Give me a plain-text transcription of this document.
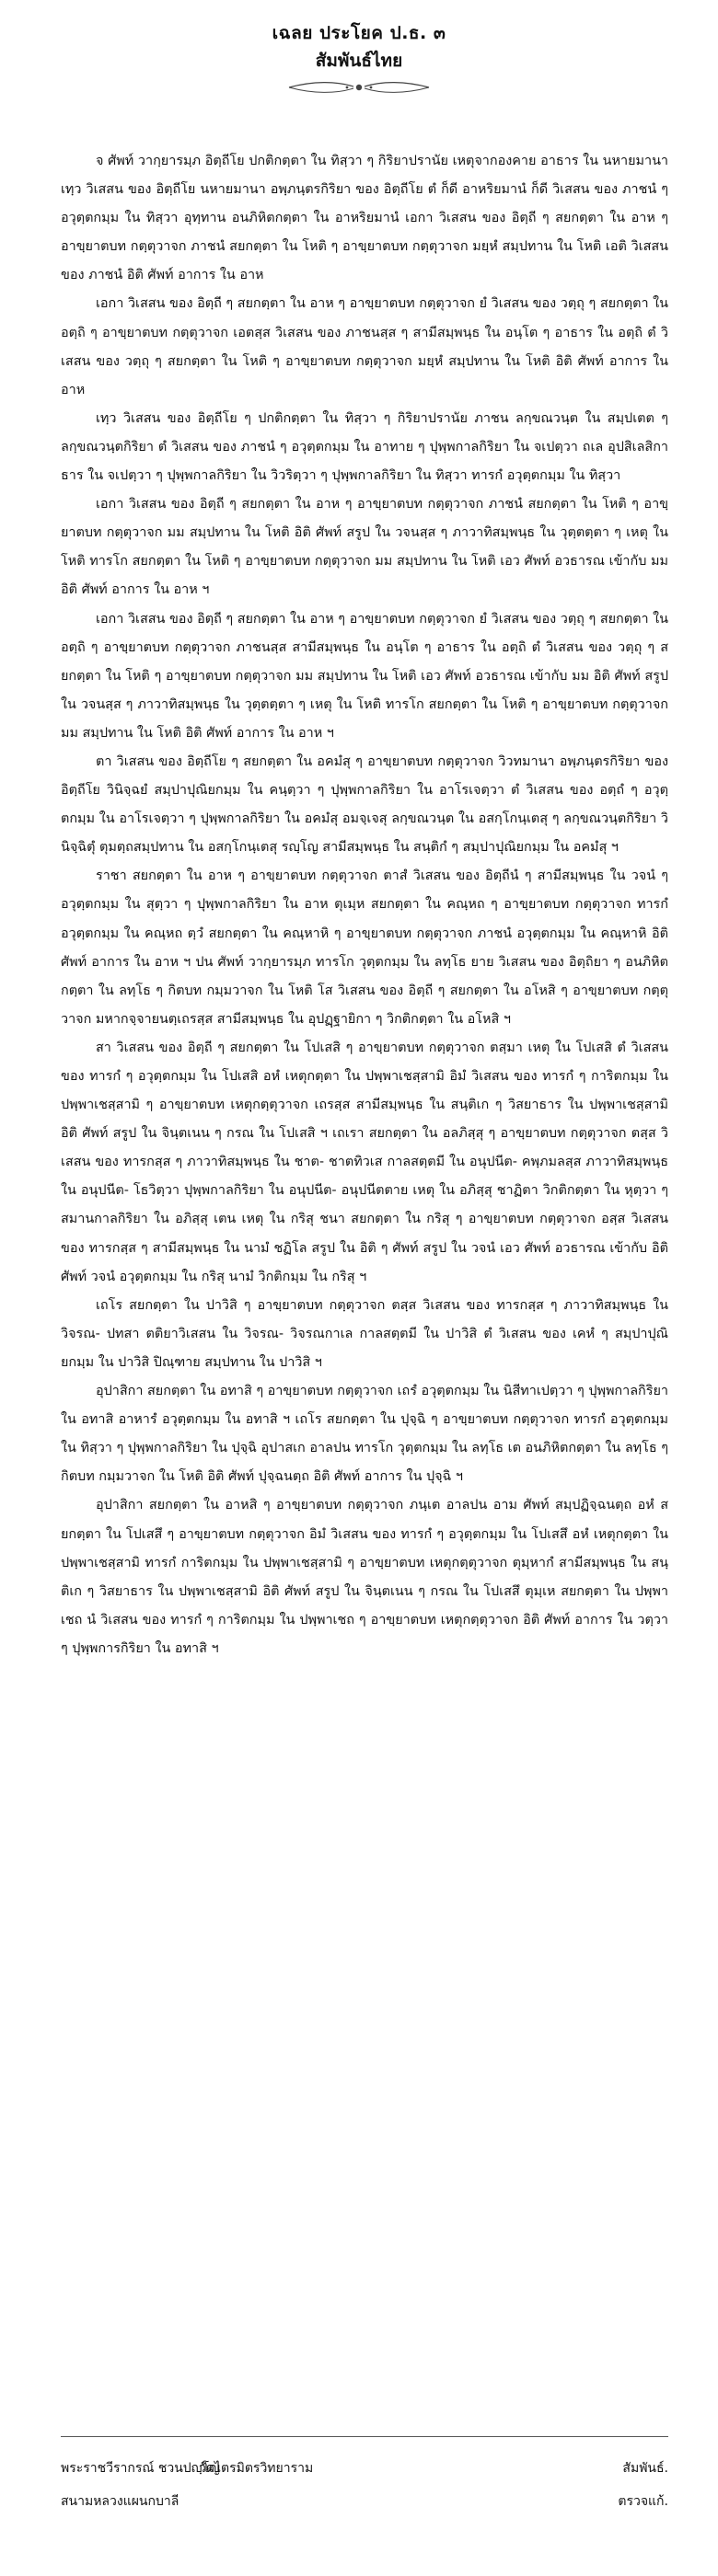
เฉลย ประโยค ป.ธ. ๓
สัมพันธ์ไทย

จ ศัพท์ วากฺยารมฺภ อิตฺถีโย ปกติกตฺตา ใน ทิสฺวา ๆ กิริยาปรานัย เหตุจากองคาย อาธาร ใน นหายมานา เทฺว วิเสสน ของ อิตฺถีโย นหายมานา อพฺภนฺตรกิริยา ของ อิตฺถีโย ตํ ก็ดี อาหริยมานํ ก็ดี วิเสสน ของ ภาชนํ ๆ อวุตฺตกมฺม ใน ทิสฺวา อุทฺทาน อนภิหิตกตฺตา ใน อาหริยมานํ เอกา วิเสสน ของ อิตฺถี ๆ สยกตฺตา ใน อาห ๆ อาขฺยาตบท กตฺตุวาจก ภาชนํ สยกตฺตา ใน โหติ ๆ อาขฺยาตบท กตฺตุวาจก มยฺหํ สมฺปทาน ใน โหติ เอติ วิเสสน ของ ภาชนํ อิติ ศัพท์ อาการ ใน อาห

เอกา วิเสสน ของ อิตฺถี ๆ สยกตฺตา ใน อาห ๆ อาขฺยาตบท กตฺตุวาจก ยํ วิเสสน ของ วตฺถุ ๆ สยกตฺตา ใน อตฺถิ ๆ อาขฺยาตบท กตฺตุวาจก เอตสฺส วิเสสน ของ ภาชนสฺส ๆ สามีสมฺพนฺธ ใน อนฺโต ๆ อาธาร ใน อตฺถิ ตํ วิเสสน ของ วตฺถุ ๆ สยกตฺตา ใน โหติ ๆ อาขฺยาตบท กตฺตุวาจก มยฺหํ สมฺปทาน ใน โหติ อิติ ศัพท์ อาการ ใน อาห

เทฺว วิเสสน ของ อิตฺถีโย ๆ ปกติกตฺตา ใน ทิสฺวา ๆ กิริยาปรานัย ภาชน ลกฺขณวนฺต ใน สมฺปเตต ๆ ลกฺขณวนฺตกิริยา ตํ วิเสสน ของ ภาชนํ ๆ อวุตฺตกมฺม ใน อาทาย ๆ ปุพฺพกาลกิริยา ใน จเปตฺวา ถเล อุปสิเลสิกาธาร ใน จเปตฺวา ๆ ปุพฺพกาลกิริยา ใน วิวริตฺวา ๆ ปุพฺพกาลกิริยา ใน ทิสฺวา ทารกํ อวุตฺตกมฺม ใน ทิสฺวา

เอกา วิเสสน ของ อิตฺถี ๆ สยกตฺตา ใน อาห ๆ อาขฺยาตบท กตฺตุวาจก ภาชนํ สยกตฺตา ใน โหติ ๆ อาขฺยาตบท กตฺตุวาจก มม สมฺปทาน ใน โหติ อิติ ศัพท์ สรูป ใน วจนสฺส ๆ ภาวาทิสมฺพนฺธ ใน วุตฺตตฺตา ๆ เหตุ ใน โหติ ทารโก สยกตฺตา ใน โหติ ๆ อาขฺยาตบท กตฺตุวาจก มม สมฺปทาน ใน โหติ เอว ศัพท์ อวธารณ เข้ากับ มม อิติ ศัพท์ อาการ ใน อาห ฯ

เอกา วิเสสน ของ อิตฺถี ๆ สยกตฺตา ใน อาห ๆ อาขฺยาตบท กตฺตุวาจก ยํ วิเสสน ของ วตฺถุ ๆ สยกตฺตา ใน อตฺถิ ๆ อาขฺยาตบท กตฺตุวาจก ภาชนสฺส สามีสมฺพนฺธ ใน อนฺโต ๆ อาธาร ใน อตฺถิ ตํ วิเสสน ของ วตฺถุ ๆ สยกตฺตา ใน โหติ ๆ อาขฺยาตบท กตฺตุวาจก มม สมฺปทาน ใน โหติ เอว ศัพท์ อวธารณ เข้ากับ มม อิติ ศัพท์ สรูป ใน วจนสฺส ๆ ภาวาทิสมฺพนฺธ ใน วุตฺตตฺตา ๆ เหตุ ใน โหติ ทารโก สยกตฺตา ใน โหติ ๆ อาขฺยาตบท กตฺตุวาจก มม สมฺปทาน ใน โหติ อิติ ศัพท์ อาการ ใน อาห ฯ

ตา วิเสสน ของ อิตฺถีโย ๆ สยกตฺตา ใน อคมํสุ ๆ อาขฺยาตบท กตฺตุวาจก วิวทมานา อพฺภนฺตรกิริยา ของ อิตฺถีโย วินิจฺฉยํ สมฺปาปุณิยกมฺม ใน คนฺตฺวา ๆ ปุพฺพกาลกิริยา ใน อาโรเจตฺวา ตํ วิเสสน ของ อตฺถํ ๆ อวุตฺตกมฺม ใน อาโรเจตฺวา ๆ ปุพฺพกาลกิริยา ใน อคมํสุ อมจฺเจสุ ลกฺขณวนฺต ใน อสกฺโกนฺเตสุ ๆ ลกฺขณวนฺตกิริยา วินิจฺฉิตุํ ตุมตฺถสมฺปทาน ใน อสกฺโกนฺเตสุ รญฺโญ สามีสมฺพนฺธ ใน สนฺติกํ ๆ สมฺปาปุณิยกมฺม ใน อคมํสุ ฯ

ราชา สยกตฺตา ใน อาห ๆ อาขฺยาตบท กตฺตุวาจก ตาสํ วิเสสน ของ อิตฺถีนํ ๆ สามีสมฺพนฺธ ใน วจนํ ๆ อวุตฺตกมฺม ใน สุตฺวา ๆ ปุพฺพกาลกิริยา ใน อาห ตุเมฺห สยกตฺตา ใน คณฺหถ ๆ อาขฺยาตบท กตฺตุวาจก ทารกํ อวุตฺตกมฺม ใน คณฺหถ ตฺวํ สยกตฺตา ใน คณฺหาหิ ๆ อาขฺยาตบท กตฺตุวาจก ภาชนํ อวุตฺตกมฺม ใน คณฺหาหิ อิติ ศัพท์ อาการ ใน อาห ฯ ปน ศัพท์ วากฺยารมฺภ ทารโก วุตฺตกมฺม ใน ลทฺโธ ยาย วิเสสน ของ อิตฺถิยา ๆ อนภิหิตกตฺตา ใน ลทฺโธ ๆ กิตบท กมฺมวาจก ใน โหติ โส วิเสสน ของ อิตฺถี ๆ สยกตฺตา ใน อโหสิ ๆ อาขฺยาตบท กตฺตุวาจก มหากจฺจายนตฺเถรสฺส สามีสมฺพนฺธ ใน อุปฏฺฐายิกา ๆ วิกติกตฺตา ใน อโหสิ ฯ

สา วิเสสน ของ อิตฺถี ๆ สยกตฺตา ใน โปเสสิ ๆ อาขฺยาตบท กตฺตุวาจก ตสฺมา เหตุ ใน โปเสสิ ตํ วิเสสน ของ ทารกํ ๆ อวุตฺตกมฺม ใน โปเสสิ อหํ เหตุกตฺตา ใน ปพฺพาเชสฺสามิ อิมํ วิเสสน ของ ทารกํ ๆ การิตกมฺม ใน ปพฺพาเชสฺสามิ ๆ อาขฺยาตบท เหตุกตฺตุวาจก เถรสฺส สามีสมฺพนฺธ ใน สนฺติเก ๆ วิสยาธาร ใน ปพฺพาเชสฺสามิ อิติ ศัพท์ สรูป ใน จินฺตเนน ๆ กรณ ใน โปเสสิ ฯ เถเรา สยกตฺตา ใน อลภิสฺสุ ๆ อาขฺยาตบท กตฺตุวาจก ตสฺส วิเสสน ของ ทารกสฺส ๆ ภาวาทิสมฺพนฺธ ใน ชาต- ชาตทิวเส กาลสตฺตมี ใน อนุปนีต- คพฺภมลสฺส ภาวาทิสมฺพนฺธ ใน อนุปนีต- โธวิตฺวา ปุพฺพกาลกิริยา ใน อนุปนีต- อนุปนีตตาย เหตุ ใน อภิสฺสุ ชาฏิตา วิกติกตฺตา ใน หุตฺวา ๆ สมานกาลกิริยา ใน อภิสฺสุ เตน เหตุ ใน กริสุ ชนา สยกตฺตา ใน กริสุ ๆ อาขฺยาตบท กตฺตุวาจก อสฺส วิเสสน ของ ทารกสฺส ๆ สามีสมฺพนฺธ ใน นามํ ชฏิโล สรูป ใน อิติ ๆ ศัพท์ สรูป ใน วจนํ เอว ศัพท์ อวธารณ เข้ากับ อิติ ศัพท์ วจนํ อวุตฺตกมฺม ใน กริสุ นามํ วิกติกมฺม ใน กริสุ ฯ

เถโร สยกตฺตา ใน ปาวิสิ ๆ อาขฺยาตบท กตฺตุวาจก ตสฺส วิเสสน ของ ทารกสฺส ๆ ภาวาทิสมฺพนฺธ ใน วิจรณ- ปทสา ตติยาวิเสสน ใน วิจรณ- วิจรณกาเล กาลสตฺตมี ใน ปาวิสิ ตํ วิเสสน ของ เคหํ ๆ สมฺปาปุณิยกมฺม ใน ปาวิสิ ปิณฺฑาย สมฺปทาน ใน ปาวิสิ ฯ

อุปาสิกา สยกตฺตา ใน อทาสิ ๆ อาขฺยาตบท กตฺตุวาจก เถรํ อวุตฺตกมฺม ใน นิสีทาเปตฺวา ๆ ปุพฺพกาลกิริยา ใน อทาสิ อาหารํ อวุตฺตกมฺม ใน อทาสิ ฯ เถโร สยกตฺตา ใน ปุจฺฉิ ๆ อาขฺยาตบท กตฺตุวาจก ทารกํ อวุตฺตกมฺม ใน ทิสฺวา ๆ ปุพฺพกาลกิริยา ใน ปุจฺฉิ อุปาสเก อาลปน ทารโก วุตฺตกมฺม ใน ลทฺโธ เต อนภิหิตกตฺตา ใน ลทฺโธ ๆ กิตบท กมฺมวาจก ใน โหติ อิติ ศัพท์ ปุจฺฉนตฺถ อิติ ศัพท์ อาการ ใน ปุจฺฉิ ฯ

อุปาสิกา สยกตฺตา ใน อาหสิ ๆ อาขฺยาตบท กตฺตุวาจก ภนฺเต อาลปน อาม ศัพท์ สมฺปฏิจฺฉนตฺถ อหํ สยกตฺตา ใน โปเสสึ ๆ อาขฺยาตบท กตฺตุวาจก อิมํ วิเสสน ของ ทารกํ ๆ อวุตฺตกมฺม ใน โปเสสึ อหํ เหตุกตฺตา ใน ปพฺพาเชสฺสามิ ทารกํ การิตกมฺม ใน ปพฺพาเชสฺสามิ ๆ อาขฺยาตบท เหตุกตฺตุวาจก ตุมฺหากํ สามีสมฺพนฺธ ใน สนฺติเก ๆ วิสยาธาร ใน ปพฺพาเชสฺสามิ อิติ ศัพท์ สรูป ใน จินฺตเนน ๆ กรณ ใน โปเสสึ ตุมฺเห สยกตฺตา ใน ปพฺพาเชถ นํ วิเสสน ของ ทารกํ ๆ การิตกมฺม ใน ปพฺพาเชถ ๆ อาขฺยาตบท เหตุกตฺตุวาจก อิติ ศัพท์ อาการ ใน วตฺวา ๆ ปุพฺพการกิริยา ใน อทาสิ ฯ

พระราชวีรากรณ์ ชวนปญฺโญ
วัดไตรมิตรวิทยาราม	สัมพันธ์.
สนามหลวงแผนกบาลี	ตรวจแก้.
